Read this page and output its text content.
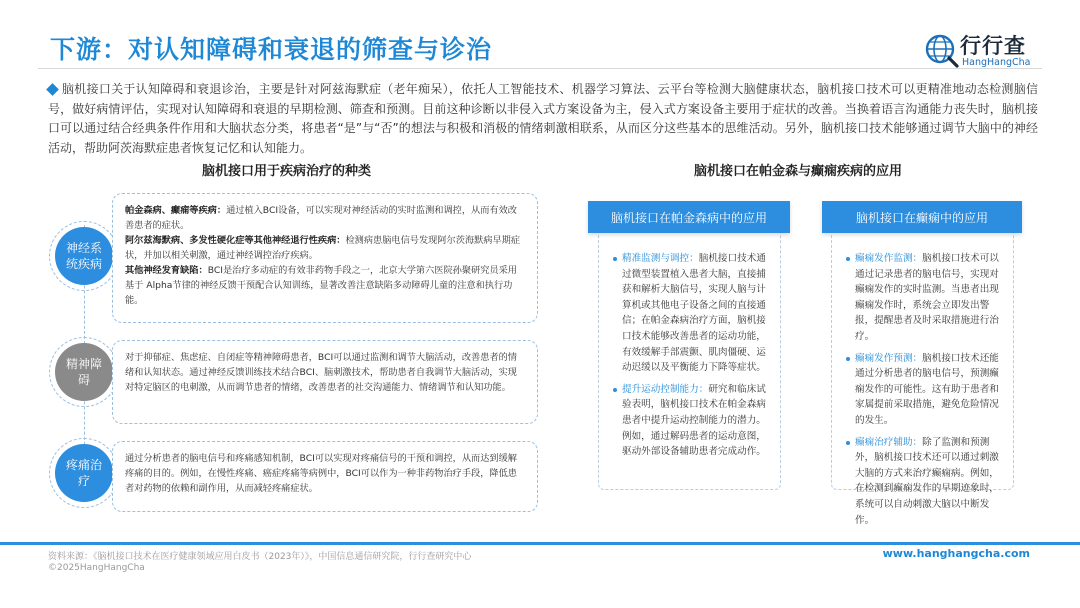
下游：对认知障碍和衰退的筛查与诊治	行行查
HangHangCha
脑机接口关于认知障碍和衰退诊治，主要是针对阿兹海默症（老年痴呆），依托人工智能技术、机器学习算法、云平台等检测大脑健康状态，脑机接口技术可以更精准地动态检测脑信号，做好病情评估，实现对认知障碍和衰退的早期检测、筛查和预测。目前这种诊断以非侵入式方案设备为主，侵入式方案设备主要用于症状的改善。当换着语言沟通能力丧失时，脑机接口可以通过结合经典条件作用和大脑状态分类，将患者“是”与“否”的想法与积极和消极的情绪刺激相联系，从而区分这些基本的思维活动。另外，脑机接口技术能够通过调节大脑中的神经活动，帮助阿茨海默症患者恢复记忆和认知能力。
脑机接口用于疾病治疗的种类
神经系统疾病
帕金森病、癫痫等疾病：通过植入BCI设备，可以实现对神经活动的实时监测和调控，从而有效改善患者的症状。
阿尔兹海默病、多发性硬化症等其他神经退行性疾病：检测病患脑电信号发现阿尔茨海默病早期症状，并加以相关刺激，通过神经调控治疗疾病。
其他神经发育缺陷：BCI是治疗多动症的有效非药物手段之一，北京大学第六医院孙聚研究员采用基于 Alpha节律的神经反馈干预配合认知训练，显著改善注意缺陷多动障碍儿童的注意和执行功能。
精神障碍
对于抑郁症、焦虑症、自闭症等精神障碍患者，BCI可以通过监测和调节大脑活动，改善患者的情绪和认知状态。通过神经反馈训练技术结合BCI、脑刺激技术，帮助患者自我调节大脑活动，实现对特定脑区的电刺激，从而调节患者的情绪，改善患者的社交沟通能力、情绪调节和认知功能。
疼痛治疗
通过分析患者的脑电信号和疼痛感知机制，BCI可以实现对疼痛信号的干预和调控，从而达到缓解疼痛的目的。例如，在慢性疼痛、癌症疼痛等病例中，BCI可以作为一种非药物治疗手段，降低患者对药物的依赖和副作用，从而减轻疼痛症状。
脑机接口在帕金森与癫痫疾病的应用
精准监测与调控：脑机接口技术通过微型装置植入患者大脑，直接捕获和解析大脑信号，实现人脑与计算机或其他电子设备之间的直接通信；在帕金森病治疗方面，脑机接口技术能够改善患者的运动功能，有效缓解手部震颤、肌肉僵硬、运动迟缓以及平衡能力下降等症状。
提升运动控制能力：研究和临床试验表明，脑机接口技术在帕金森病患者中提升运动控制能力的潜力。例如，通过解码患者的运动意图，驱动外部设备辅助患者完成动作。
脑机接口在帕金森病中的应用
癫痫发作监测：脑机接口技术可以通过记录患者的脑电信号，实现对癫痫发作的实时监测。当患者出现癫痫发作时，系统会立即发出警报，提醒患者及时采取措施进行治疗。
癫痫发作预测：脑机接口技术还能通过分析患者的脑电信号，预测癫痫发作的可能性。这有助于患者和家属提前采取措施，避免危险情况的发生。
癫痫治疗辅助：除了监测和预测外，脑机接口技术还可以通过刺激大脑的方式来治疗癫痫病。例如，在检测到癫痫发作的早期迹象时，系统可以自动刺激大脑以中断发作。
脑机接口在癫痫中的应用
资料来源：《脑机接口技术在医疗健康领域应用白皮书（2023年）》，中国信息通信研究院，行行查研究中心
©2025HangHangCha
www.hanghangcha.com
